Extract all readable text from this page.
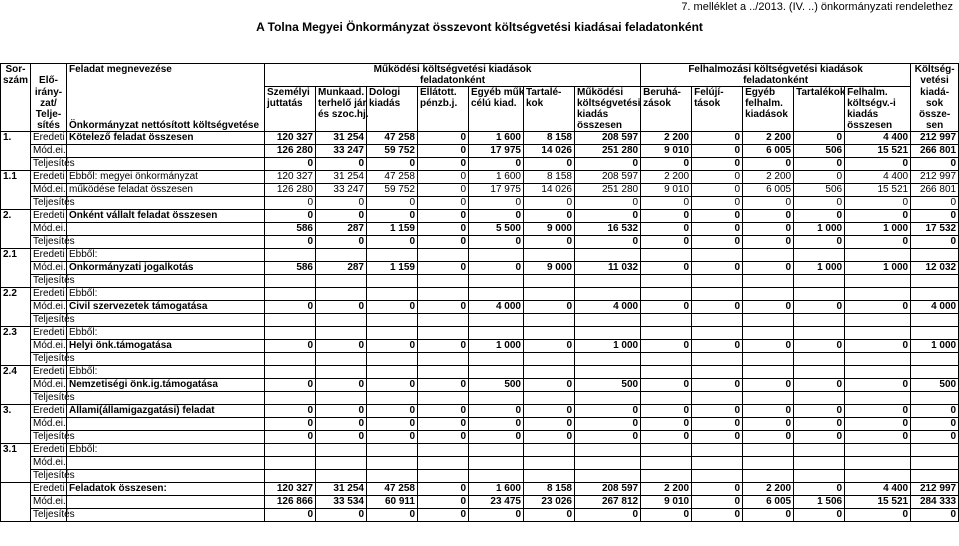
7. melléklet a ../2013. (IV. ..) önkormányzati rendelethez
A Tolna Megyei Önkormányzat összevont költségvetési kiadásai feladatonként
Sor-		Feladat megnevezése	Működési költségvetési kiadások							Felhalmozási költségvetési kiadások					Költség-
szám	Elő-		feladatonként							feladatonként					vetési
	irány-		Személyi	Munkaad.	Dologi	Ellátott.	Egyéb műk	Tartalé-	Működési	Beruhá-	Felújí-	Egyéb	Tartalékok	Felhalm.	kiadá-
	zat/		juttatás	terhelő jár	kiadás	pénzb.j.	célú kiad.	kok	költségvetési	zások	tások	felhalm.		költségv.-i	sok
	Telje-			és szoc.hj.					kiadás			kiadások		kiadás	össze-
	sítés	Önkormányzat nettósított költségvetése							összesen					összesen	sen
1.	Eredeti	Kötelező feladat összesen	120 327	31 254	47 258	0	1 600	8 158	208 597	2 200	0	2 200	0	4 400	212 997
	Mód.ei.		126 280	33 247	59 752	0	17 975	14 026	251 280	9 010	0	6 005	506	15 521	266 801
	Teljesítés		0	0	0	0	0	0	0	0	0	0	0	0	0
1.1	Eredeti	Ebből: megyei önkormányzat	120 327	31 254	47 258	0	1 600	8 158	208 597	2 200	0	2 200	0	4 400	212 997
	Mód.ei.	működése feladat összesen	126 280	33 247	59 752	0	17 975	14 026	251 280	9 010	0	6 005	506	15 521	266 801
	Teljesítés		0	0	0	0	0	0	0	0	0	0	0	0	0
2.	Eredeti	Önként vállalt feladat összesen	0	0	0	0	0	0	0	0	0	0	0	0	0
	Mód.ei.		586	287	1 159	0	5 500	9 000	16 532	0	0	0	1 000	1 000	17 532
	Teljesítés		0	0	0	0	0	0	0	0	0	0	0	0	0
2.1	Eredeti	Ebből:													
	Mód.ei.	Önkormányzati jogalkotás	586	287	1 159	0	0	9 000	11 032	0	0	0	1 000	1 000	12 032
	Teljesítés														
2.2	Eredeti	Ebből:													
	Mód.ei.	Civil szervezetek támogatása	0	0	0	0	4 000	0	4 000	0	0	0	0	0	4 000
	Teljesítés														
2.3	Eredeti	Ebből:													
	Mód.ei.	Helyi önk.támogatása	0	0	0	0	1 000	0	1 000	0	0	0	0	0	1 000
	Teljesítés														
2.4	Eredeti	Ebből:													
	Mód.ei.	Nemzetiségi önk.ig.támogatása	0	0	0	0	500	0	500	0	0	0	0	0	500
	Teljesítés														
3.	Eredeti	Állami(államigazgatási) feladat	0	0	0	0	0	0	0	0	0	0	0	0	0
	Mód.ei.		0	0	0	0	0	0	0	0	0	0	0	0	0
	Teljesítés		0	0	0	0	0	0	0	0	0	0	0	0	0
3.1	Eredeti	Ebből:													
	Mód.ei.														
	Teljesítés														
	Eredeti	Feladatok összesen:	120 327	31 254	47 258	0	1 600	8 158	208 597	2 200	0	2 200	0	4 400	212 997
	Mód.ei.		126 866	33 534	60 911	0	23 475	23 026	267 812	9 010	0	6 005	1 506	15 521	284 333
	Teljesítés		0	0	0	0	0	0	0	0	0	0	0	0	0
